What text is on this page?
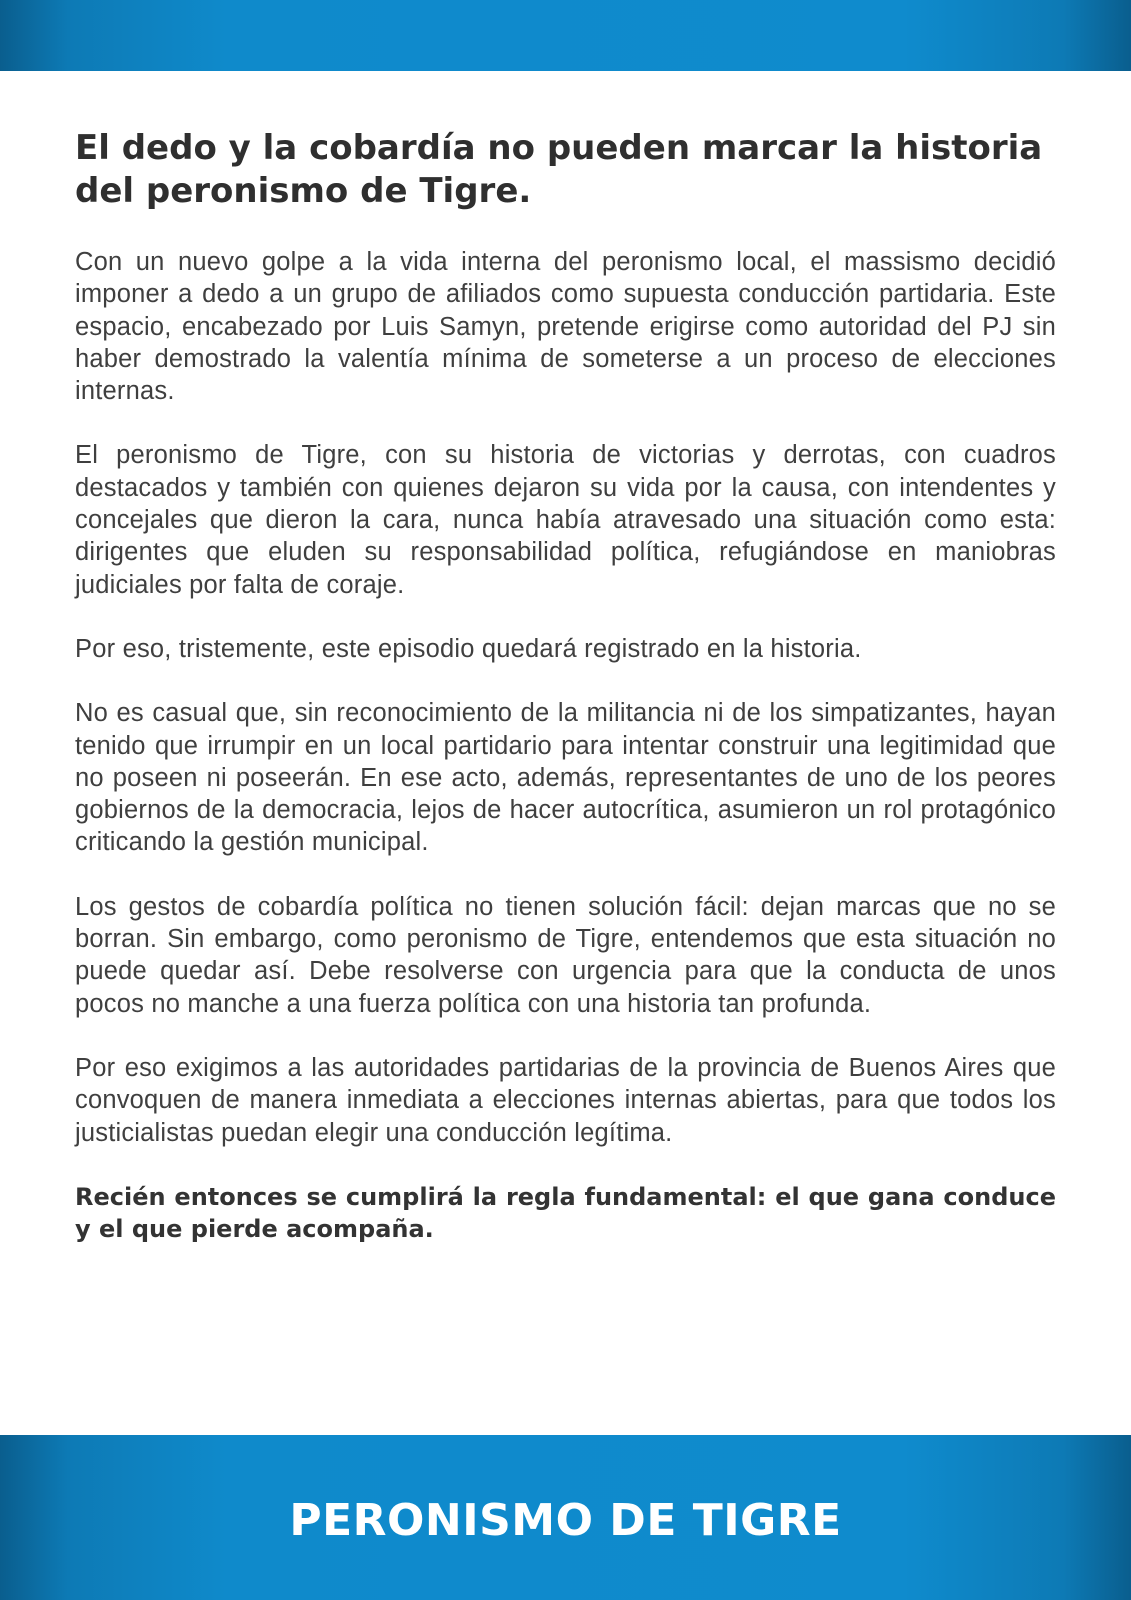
El dedo y la cobardía no pueden marcar la historia del peronismo de Tigre.

Con un nuevo golpe a la vida interna del peronismo local, el massismo decidió imponer a dedo a un grupo de afiliados como supuesta conducción partidaria. Este espacio, encabezado por Luis Samyn, pretende erigirse como autoridad del PJ sin haber demostrado la valentía mínima de someterse a un proceso de elecciones internas.

El peronismo de Tigre, con su historia de victorias y derrotas, con cuadros destacados y también con quienes dejaron su vida por la causa, con intendentes y concejales que dieron la cara, nunca había atravesado una situación como esta: dirigentes que eluden su responsabilidad política, refugiándose en maniobras judiciales por falta de coraje.

Por eso, tristemente, este episodio quedará registrado en la historia.

No es casual que, sin reconocimiento de la militancia ni de los simpatizantes, hayan tenido que irrumpir en un local partidario para intentar construir una legitimidad que no poseen ni poseerán. En ese acto, además, representantes de uno de los peores gobiernos de la democracia, lejos de hacer autocrítica, asumieron un rol protagónico criticando la gestión municipal.

Los gestos de cobardía política no tienen solución fácil: dejan marcas que no se borran. Sin embargo, como peronismo de Tigre, entendemos que esta situación no puede quedar así. Debe resolverse con urgencia para que la conducta de unos pocos no manche a una fuerza política con una historia tan profunda.

Por eso exigimos a las autoridades partidarias de la provincia de Buenos Aires que convoquen de manera inmediata a elecciones internas abiertas, para que todos los justicialistas puedan elegir una conducción legítima.

Recién entonces se cumplirá la regla fundamental: el que gana conduce y el que pierde acompaña.

PERONISMO DE TIGRE
